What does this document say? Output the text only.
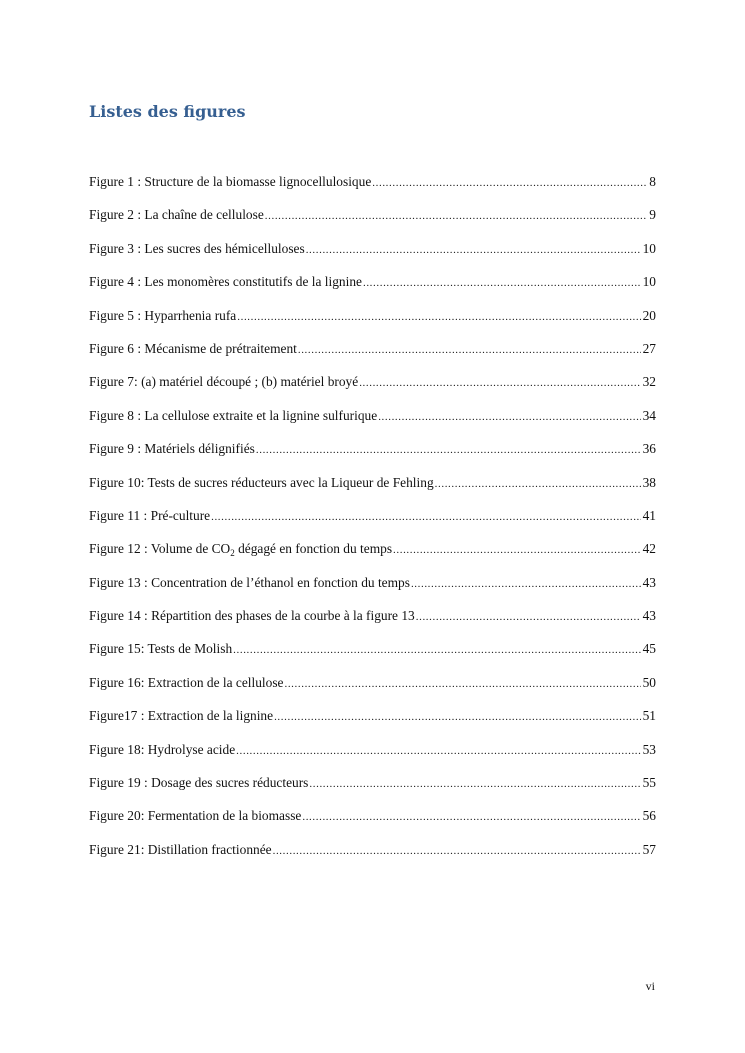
Listes des figures
Figure 1 : Structure de la biomasse lignocellulosique .....	8
Figure 2 : La chaîne de cellulose .....	9
Figure 3 : Les sucres des hémicelluloses .....	10
Figure 4 : Les monomères constitutifs de la lignine .....	10
Figure 5 : Hyparrhenia rufa .....	20
Figure 6 : Mécanisme de prétraitement .....	27
Figure 7: (a) matériel découpé ; (b) matériel broyé .....	32
Figure 8 : La cellulose extraite et la lignine sulfurique .....	34
Figure 9 : Matériels délignifiés .....	36
Figure 10: Tests de sucres réducteurs avec la Liqueur de Fehling .....	38
Figure 11 : Pré-culture .....	41
Figure 12 : Volume de $CO_2$ dégagé en fonction du temps .....	42
Figure 13 : Concentration de l’éthanol en fonction du temps .....	43
Figure 14 : Répartition des phases de la courbe à la figure 13 .....	43
Figure 15: Tests de Molish .....	45
Figure 16: Extraction de la cellulose .....	50
Figure17 : Extraction de la lignine .....	51
Figure 18: Hydrolyse acide .....	53
Figure 19 : Dosage des sucres réducteurs .....	55
Figure 20: Fermentation de la biomasse .....	56
Figure 21: Distillation fractionnée .....	57
vi
